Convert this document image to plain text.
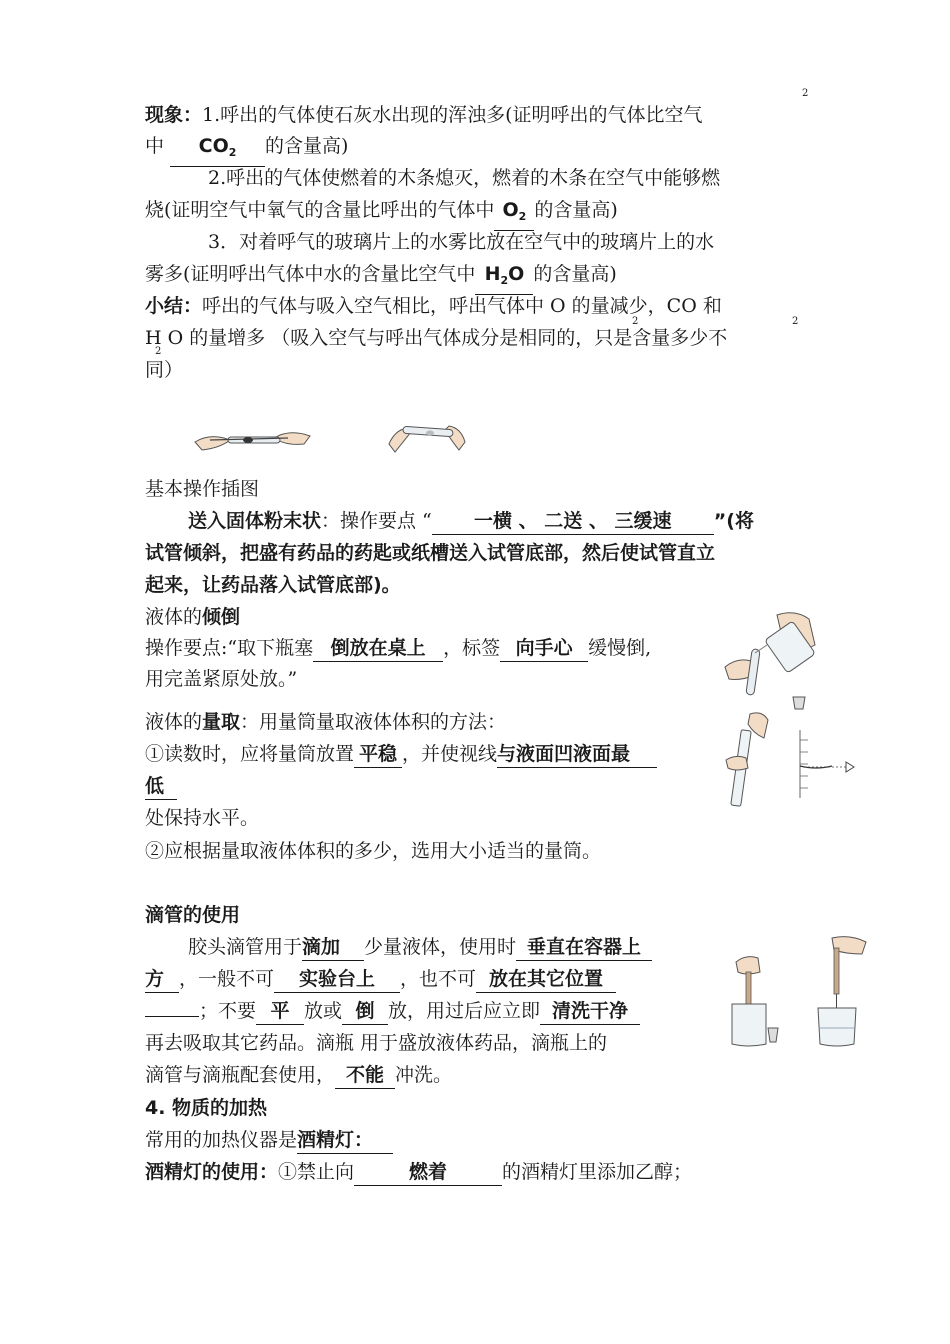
2
现象：1.呼出的气体使石灰水出现的浑浊多(证明呼出的气体比空气
中 $CO_2$ 的含量高)
2.呼出的气体使燃着的木条熄灭，燃着的木条在空气中能够燃
烧(证明空气中氧气的含量比呼出的气体中 $O_2$ 的含量高)
3．对着呼气的玻璃片上的水雾比放在空气中的玻璃片上的水
雾多(证明呼出气体中水的含量比空气中 $H_2O$ 的含量高)
小结：呼出的气体与吸入空气相比，呼出气体中 O 的量减少，CO 和
H O 的量增多 （吸入空气与呼出气体成分是相同的，只是含量多少不
2	2
2
同）
基本操作插图
送入固体粉末状：操作要点 “ 一横 、 二送 、 三缓速 ”(将
试管倾斜，把盛有药品的药匙或纸槽送入试管底部，然后使试管直立
起来，让药品落入试管底部)。
液体的倾倒
操作要点:“取下瓶塞 倒放在桌上 ，标签 向手心 缓慢倒,
用完盖紧原处放。”
液体的量取：用量筒量取液体体积的方法：
①读数时，应将量筒放置 平稳 ，并使视线与液面凹液面最
低
处保持水平。
②应根据量取液体体积的多少，选用大小适当的量筒。
滴管的使用
胶头滴管用于滴加 少量液体，使用时 垂直在容器上
方 ，一般不可 实验台上 ，也不可 放在其它位置
；不要 平 放或 倒 放，用过后应立即 清洗干净
再去吸取其它药品。滴瓶 用于盛放液体药品，滴瓶上的
滴管与滴瓶配套使用， 不能 冲洗。
4. 物质的加热
常用的加热仪器是酒精灯：
酒精灯的使用：①禁止向	燃着	的酒精灯里添加乙醇；
